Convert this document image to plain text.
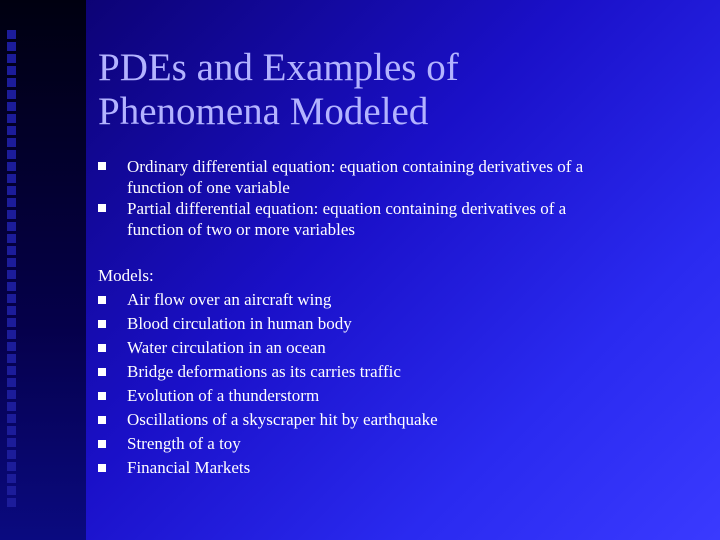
PDEs and Examples of
Phenomena Modeled
Ordinary differential equation: equation containing derivatives of a
function of one variable
Partial differential equation: equation containing derivatives of a
function of two or more variables
Models:
Air flow over an aircraft wing
Blood circulation in human body
Water circulation in an ocean
Bridge deformations as its carries traffic
Evolution of a thunderstorm
Oscillations of a skyscraper hit by earthquake
Strength of a toy
Financial Markets
